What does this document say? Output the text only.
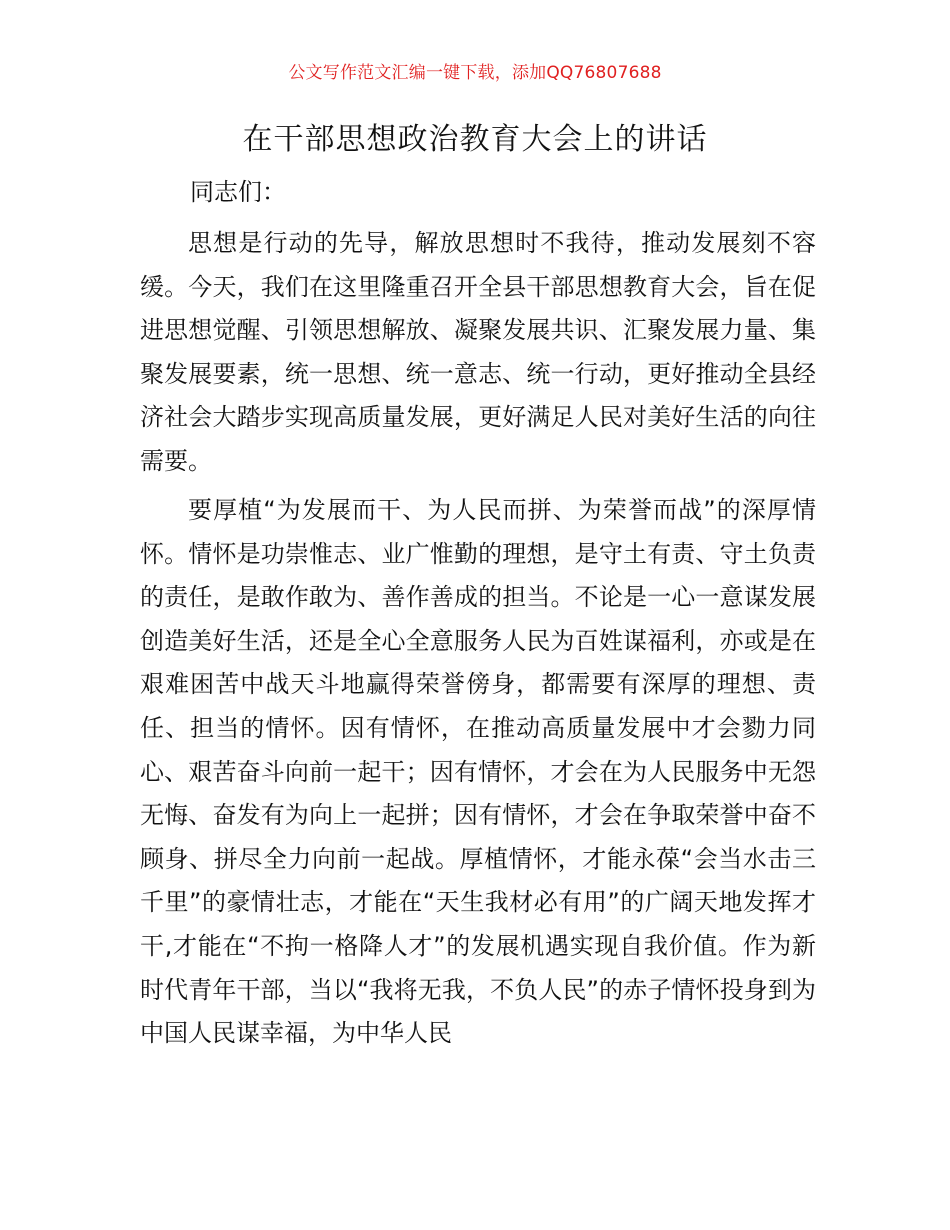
公文写作范文汇编一键下载，添加QQ76807688
在干部思想政治教育大会上的讲话

同志们：

思想是行动的先导，解放思想时不我待，推动发展刻不容缓。今天，我们在这里隆重召开全县干部思想教育大会，旨在促进思想觉醒、引领思想解放、凝聚发展共识、汇聚发展力量、集聚发展要素，统一思想、统一意志、统一行动，更好推动全县经济社会大踏步实现高质量发展，更好满足人民对美好生活的向往需要。

要厚植“为发展而干、为人民而拼、为荣誉而战”的深厚情怀。情怀是功崇惟志、业广惟勤的理想，是守土有责、守土负责的责任，是敢作敢为、善作善成的担当。不论是一心一意谋发展创造美好生活，还是全心全意服务人民为百姓谋福利，亦或是在艰难困苦中战天斗地赢得荣誉傍身，都需要有深厚的理想、责任、担当的情怀。因有情怀，在推动高质量发展中才会勠力同心、艰苦奋斗向前一起干；因有情怀，才会在为人民服务中无怨无悔、奋发有为向上一起拼；因有情怀，才会在争取荣誉中奋不顾身、拼尽全力向前一起战。厚植情怀，才能永葆“会当水击三千里”的豪情壮志，才能在“天生我材必有用”的广阔天地发挥才干,才能在“不拘一格降人才”的发展机遇实现自我价值。作为新时代青年干部，当以“我将无我，不负人民”的赤子情怀投身到为中国人民谋幸福，为中华人民
